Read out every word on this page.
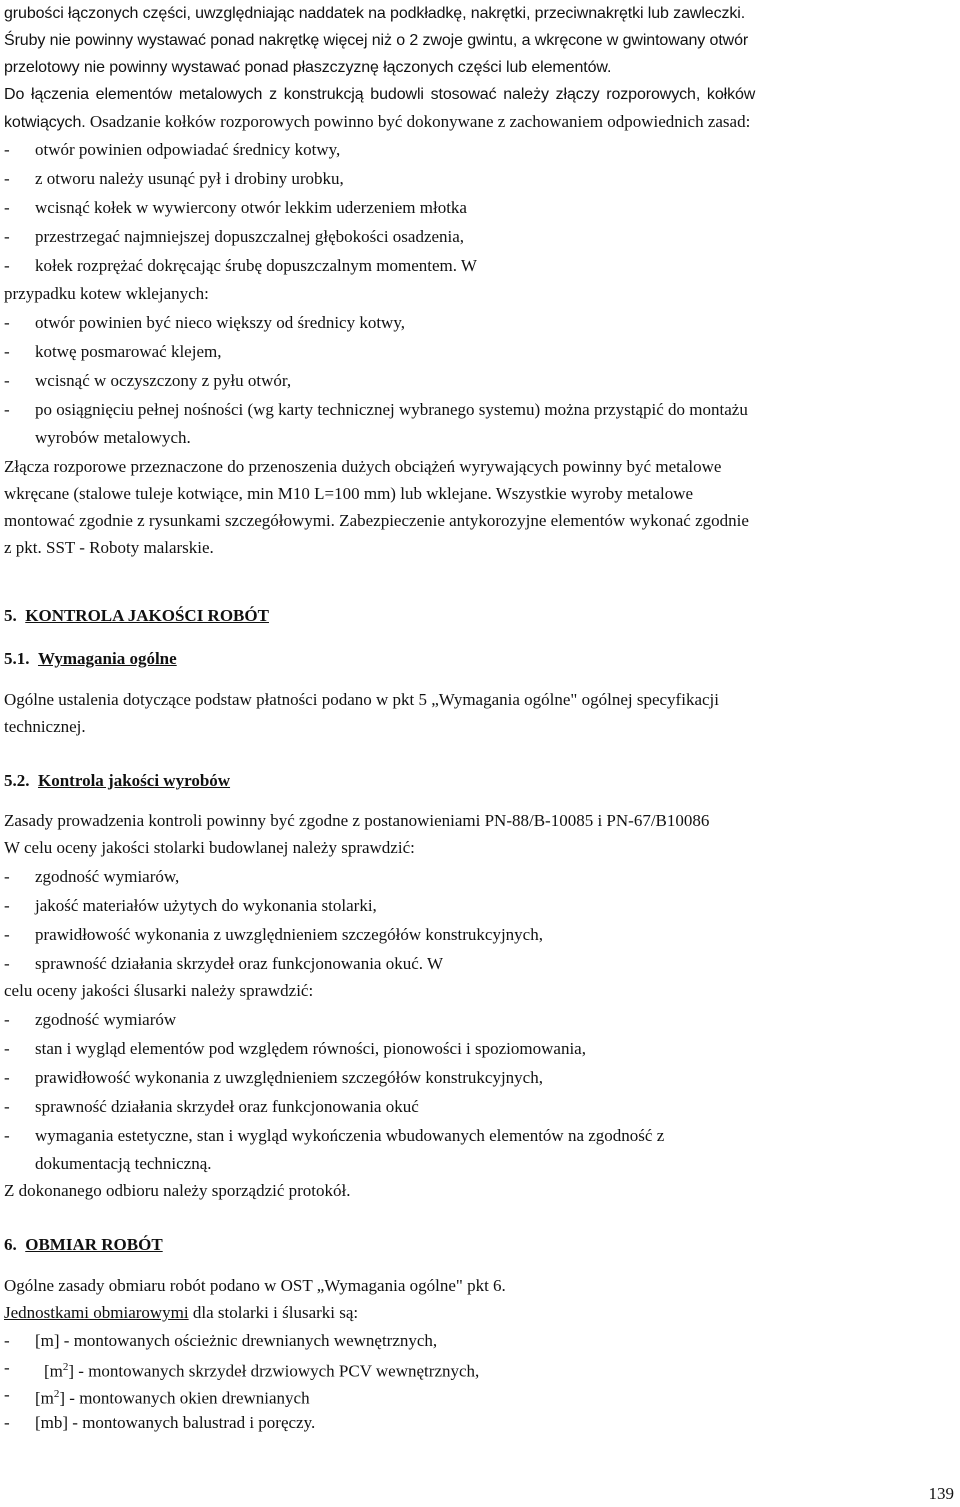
grubości łączonych części, uwzględniając naddatek na podkładkę, nakrętki, przeciwnakrętki lub zawleczki.
Śruby nie powinny wystawać ponad nakrętkę więcej niż o 2 zwoje gwintu, a wkręcone w gwintowany otwór
przelotowy nie powinny wystawać ponad płaszczyznę łączonych części lub elementów.
Do łączenia elementów metalowych z konstrukcją budowli stosować należy złączy rozporowych, kołków
kotwiących. Osadzanie kołków rozporowych powinno być dokonywane z zachowaniem odpowiednich zasad:
- otwór powinien odpowiadać średnicy kotwy,
- z otworu należy usunąć pył i drobiny urobku,
- wcisnąć kołek w wywiercony otwór lekkim uderzeniem młotka
- przestrzegać najmniejszej dopuszczalnej głębokości osadzenia,
- kołek rozprężać dokręcając śrubę dopuszczalnym momentem. W
przypadku kotew wklejanych:
- otwór powinien być nieco większy od średnicy kotwy,
- kotwę posmarować klejem,
- wcisnąć w oczyszczony z pyłu otwór,
- po osiągnięciu pełnej nośności (wg karty technicznej wybranego systemu) można przystąpić do montażu
wyrobów metalowych.
Złącza rozporowe przeznaczone do przenoszenia dużych obciążeń wyrywających powinny być metalowe
wkręcane (stalowe tuleje kotwiące, min M10 L=100 mm) lub wklejane. Wszystkie wyroby metalowe
montować zgodnie z rysunkami szczegółowymi. Zabezpieczenie antykorozyjne elementów wykonać zgodnie
z pkt. SST - Roboty malarskie.
5. KONTROLA JAKOŚCI ROBÓT
5.1. Wymagania ogólne
Ogólne ustalenia dotyczące podstaw płatności podano w pkt 5 „Wymagania ogólne" ogólnej specyfikacji
technicznej.
5.2. Kontrola jakości wyrobów
Zasady prowadzenia kontroli powinny być zgodne z postanowieniami PN-88/B-10085 i PN-67/B10086
W celu oceny jakości stolarki budowlanej należy sprawdzić:
- zgodność wymiarów,
- jakość materiałów użytych do wykonania stolarki,
- prawidłowość wykonania z uwzględnieniem szczegółów konstrukcyjnych,
- sprawność działania skrzydeł oraz funkcjonowania okuć. W
celu oceny jakości ślusarki należy sprawdzić:
- zgodność wymiarów
- stan i wygląd elementów pod względem równości, pionowości i spoziomowania,
- prawidłowość wykonania z uwzględnieniem szczegółów konstrukcyjnych,
- sprawność działania skrzydeł oraz funkcjonowania okuć
- wymagania estetyczne, stan i wygląd wykończenia wbudowanych elementów na zgodność z
dokumentacją techniczną.
Z dokonanego odbioru należy sporządzić protokół.
6. OBMIAR ROBÓT
Ogólne zasady obmiaru robót podano w OST „Wymagania ogólne" pkt 6.
Jednostkami obmiarowymi dla stolarki i ślusarki są:
- [m] - montowanych ościeżnic drewnianych wewnętrznych,
- $[m^2]$ - montowanych skrzydeł drzwiowych PCV wewnętrznych,
- $[m^2]$ - montowanych okien drewnianych
- [mb] - montowanych balustrad i poręczy.
139
